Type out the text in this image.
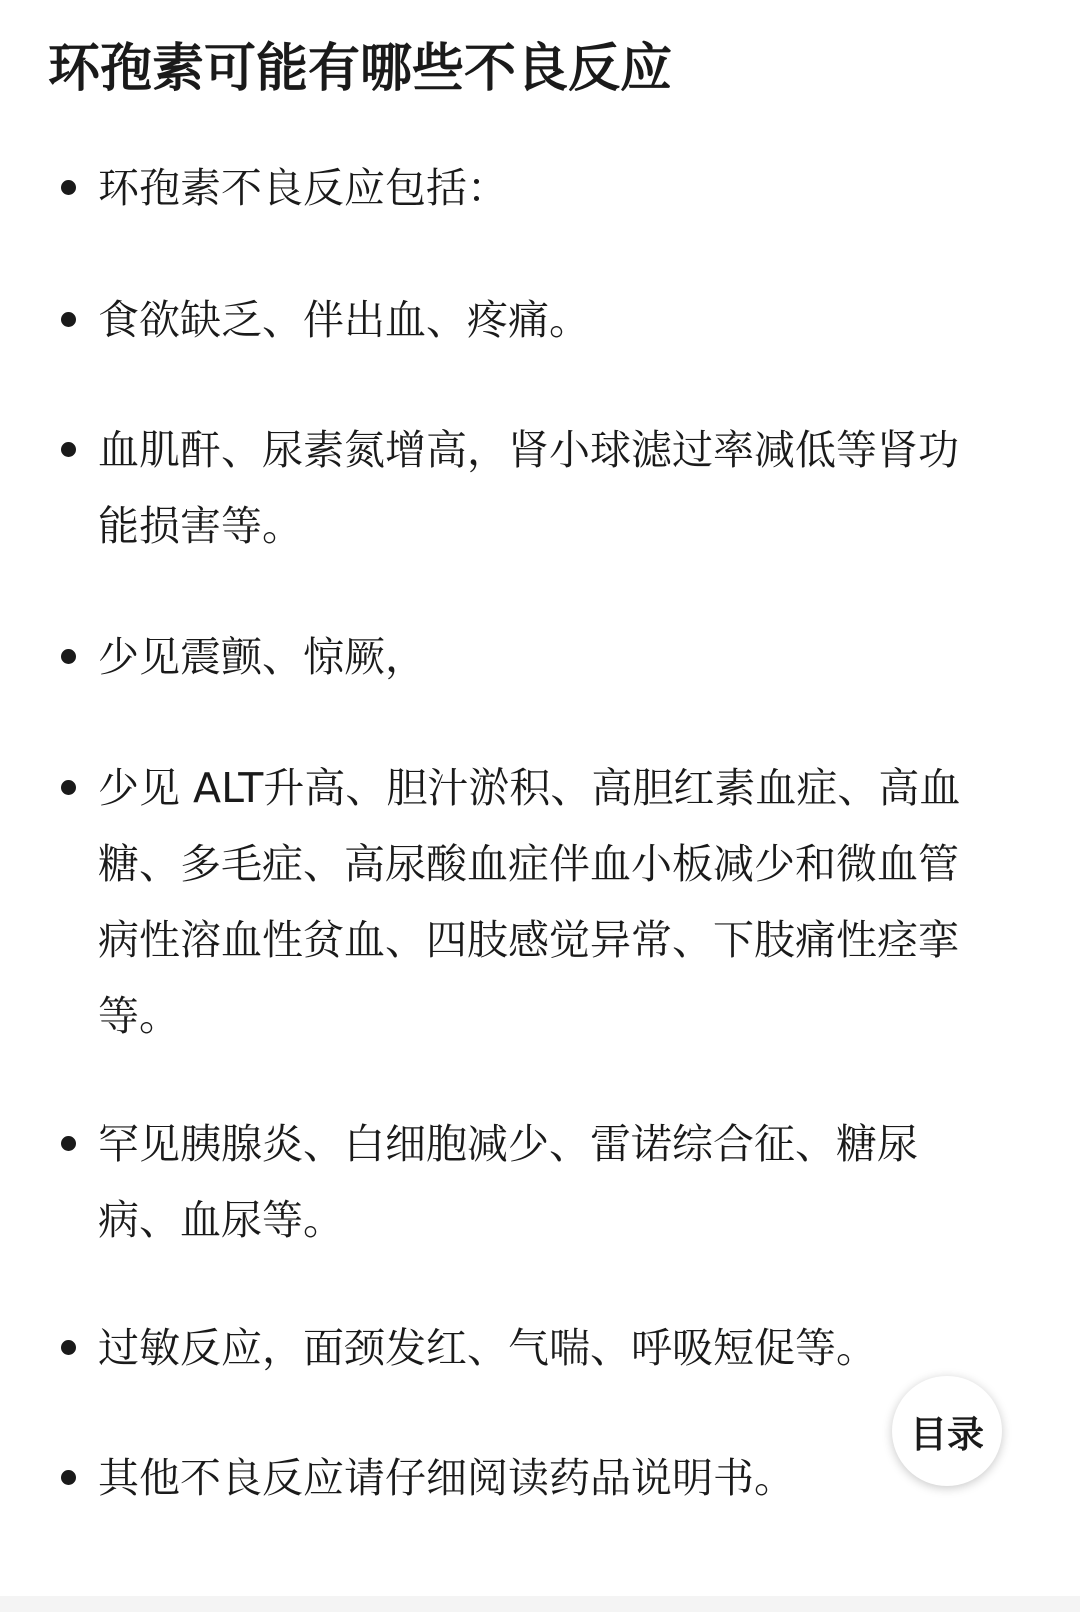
环孢素可能有哪些不良反应

环孢素不良反应包括：

食欲缺乏、伴出血、疼痛。

血肌酐、尿素氮增高，肾小球滤过率减低等肾功能损害等。

少见震颤、惊厥，

少见 ALT升高、胆汁淤积、高胆红素血症、高血糖、多毛症、高尿酸血症伴血小板减少和微血管病性溶血性贫血、四肢感觉异常、下肢痛性痉挛等。

罕见胰腺炎、白细胞减少、雷诺综合征、糖尿病、血尿等。

过敏反应，面颈发红、气喘、呼吸短促等。

其他不良反应请仔细阅读药品说明书。

目录
